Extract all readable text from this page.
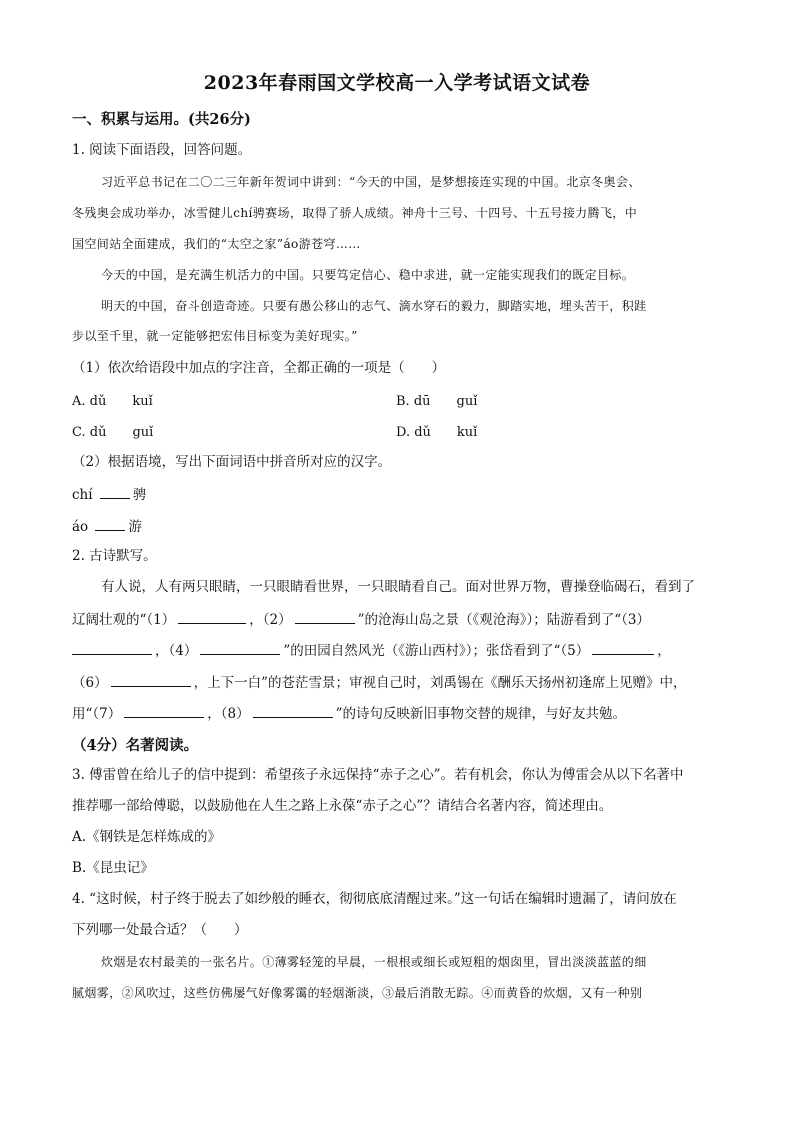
2023年春雨国文学校高一入学考试语文试卷
一、积累与运用。(共26分)
1. 阅读下面语段，回答问题。
习近平总书记在二〇二三年新年贺词中讲到：“今天的中国，是梦想接连实现的中国。北京冬奥会、
冬残奥会成功举办，冰雪健儿chí骋赛场，取得了骄人成绩。神舟十三号、十四号、十五号接力腾飞，中
国空间站全面建成，我们的“太空之家”áo游苍穹……
今天的中国，是充满生机活力的中国。只要笃定信心、稳中求进，就一定能实现我们的既定目标。
明天的中国，奋斗创造奇迹。只要有愚公移山的志气、滴水穿石的毅力，脚踏实地，埋头苦干，积跬
步以至千里，就一定能够把宏伟目标变为美好现实。”
（1）依次给语段中加点的字注音，全都正确的一项是（　　）
A. dǔ　　kuǐ	B. dū　　guǐ
C. dǔ　　guǐ	D. dǔ　　kuǐ
（2）根据语境，写出下面词语中拼音所对应的汉字。
chí	骋
áo	游
2. 古诗默写。
有人说，人有两只眼睛，一只眼睛看世界，一只眼睛看自己。面对世界万物，曹操登临碣石，看到了
辽阔壮观的“（1）	，（2）	”的沧海山岛之景（《观沧海》）；陆游看到了“（3）
，（4）	”的田园自然风光（《游山西村》）；张岱看到了“（5）	，
（6）	，上下一白”的苍茫雪景；审视自己时，刘禹锡在《酬乐天扬州初逢席上见赠》中，
用“（7）	，（8）	”的诗句反映新旧事物交替的规律，与好友共勉。
（4分）名著阅读。
3. 傅雷曾在给儿子的信中提到：希望孩子永远保持“赤子之心”。若有机会，你认为傅雷会从以下名著中
推荐哪一部给傅聪，以鼓励他在人生之路上永葆“赤子之心”？请结合名著内容，简述理由。
A.《钢铁是怎样炼成的》
B.《昆虫记》
4. “这时候，村子终于脱去了如纱般的睡衣，彻彻底底清醒过来。”这一句话在编辑时遗漏了，请问放在
下列哪一处最合适？（　　）
炊烟是农村最美的一张名片。①薄雾轻笼的早晨，一根根或细长或短粗的烟囱里，冒出淡淡蓝蓝的细
腻烟雾，②风吹过，这些仿佛屡气好像雾霭的轻烟渐淡，③最后消散无踪。④而黄昏的炊烟，又有一种别
